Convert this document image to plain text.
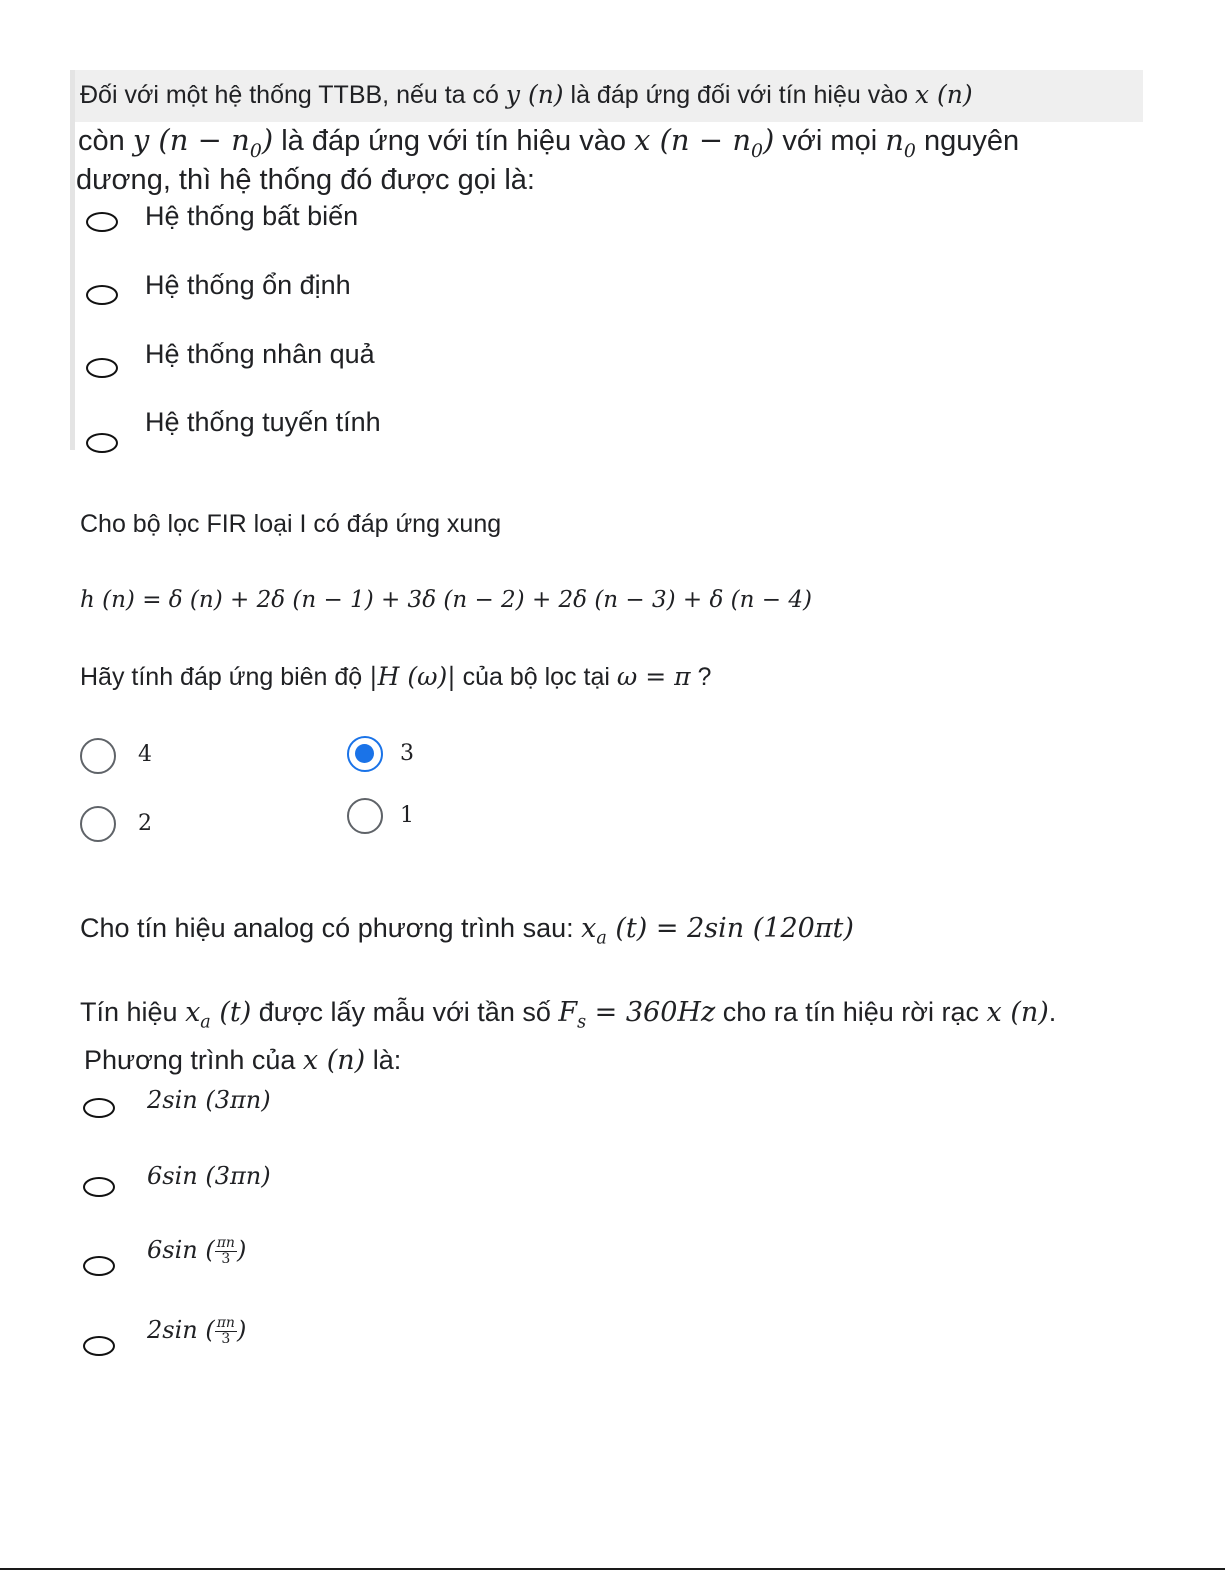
Đối với một hệ thống TTBB, nếu ta có y (n) là đáp ứng đối với tín hiệu vào x (n)
còn y $(n - n_0)$ là đáp ứng với tín hiệu vào x $(n - n_0)$ với mọi $n_0$ nguyên
dương, thì hệ thống đó được gọi là:
Hệ thống bất biến
Hệ thống ổn định
Hệ thống nhân quả
Hệ thống tuyến tính
Cho bộ lọc FIR loại I có đáp ứng xung
h (n) = δ (n) + 2δ (n − 1) + 3δ (n − 2) + 2δ (n − 3) + δ (n − 4)
Hãy tính đáp ứng biên độ |H (ω)| của bộ lọc tại ω = π ?
4	3
2	1
Cho tín hiệu analog có phương trình sau: $x_a$ (t) = 2sin (120πt)
Tín hiệu $x_a$ (t) được lấy mẫu với tần số $F_s = 360Hz$ cho ra tín hiệu rời rạc x (n).
Phương trình của x (n) là:
2sin (3πn)
6sin (3πn)
6sin ( $\frac{\pi n}{3}$ )
2sin ( $\frac{\pi n}{3}$ )
